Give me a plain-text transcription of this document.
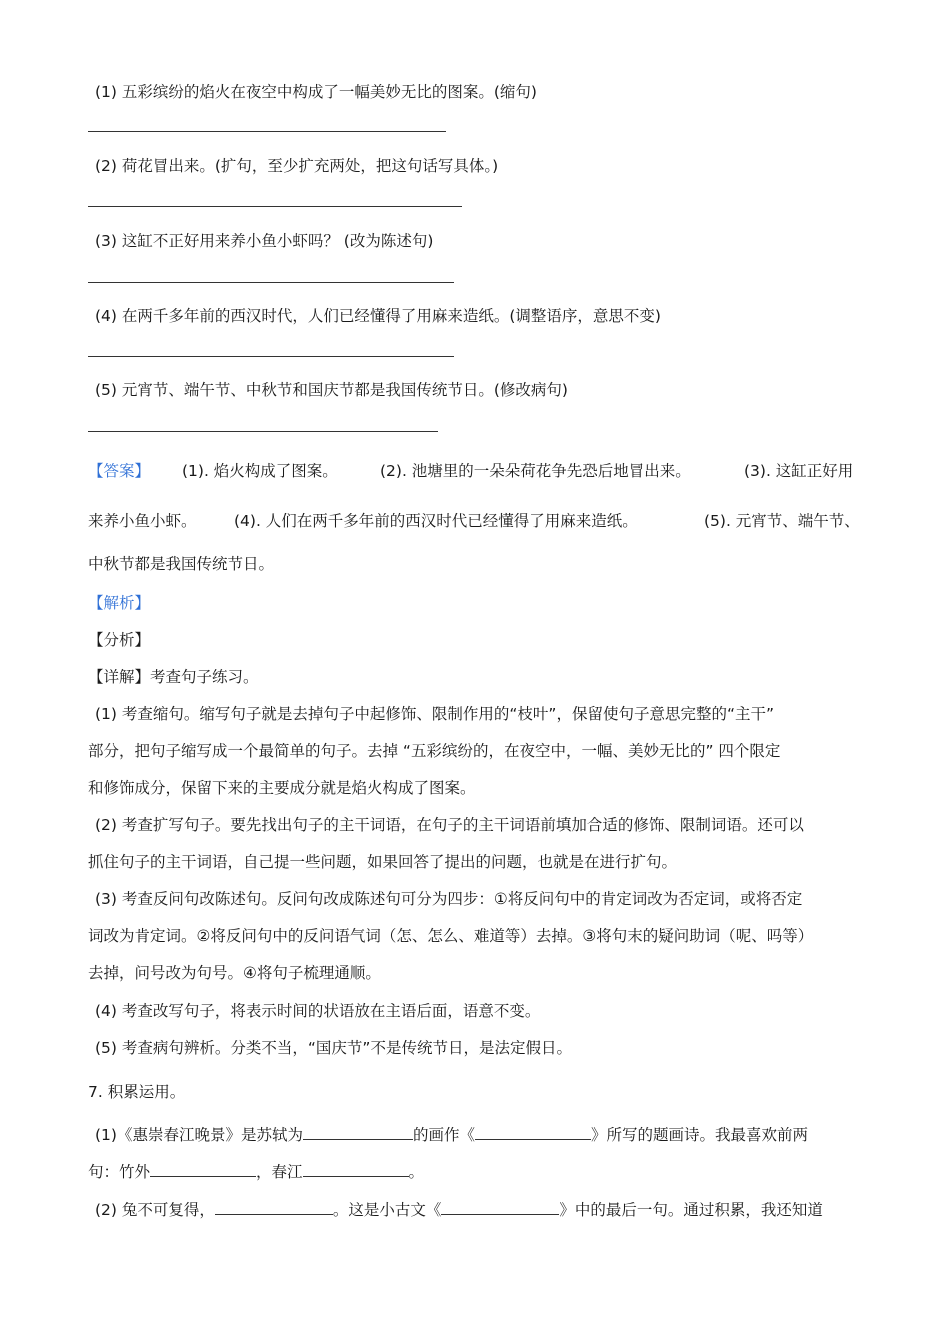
(1) 五彩缤纷的焰火在夜空中构成了一幅美妙无比的图案。(缩句)
(2) 荷花冒出来。(扩句，至少扩充两处，把这句话写具体。)
(3) 这缸不正好用来养小鱼小虾吗？ (改为陈述句)
(4) 在两千多年前的西汉时代，人们已经懂得了用麻来造纸。(调整语序，意思不变)
(5) 元宵节、端午节、中秋节和国庆节都是我国传统节日。(修改病句)
【答案】 (1). 焰火构成了图案。	(2). 池塘里的一朵朵荷花争先恐后地冒出来。	(3). 这缸正好用
来养小鱼小虾。 (4). 人们在两千多年前的西汉时代已经懂得了用麻来造纸。	(5). 元宵节、端午节、
中秋节都是我国传统节日。
【解析】
【分析】
【详解】考查句子练习。
(1) 考查缩句。缩写句子就是去掉句子中起修饰、限制作用的“枝叶”，保留使句子意思完整的“主干”
部分，把句子缩写成一个最简单的句子。去掉 “五彩缤纷的，在夜空中，一幅、美妙无比的” 四个限定
和修饰成分，保留下来的主要成分就是焰火构成了图案。
(2) 考查扩写句子。要先找出句子的主干词语，在句子的主干词语前填加合适的修饰、限制词语。还可以
抓住句子的主干词语，自己提一些问题，如果回答了提出的问题，也就是在进行扩句。
(3) 考查反问句改陈述句。反问句改成陈述句可分为四步：①将反问句中的肯定词改为否定词，或将否定
词改为肯定词。②将反问句中的反问语气词（怎、怎么、难道等）去掉。③将句末的疑问助词（呢、吗等）
去掉，问号改为句号。④将句子梳理通顺。
(4) 考查改写句子，将表示时间的状语放在主语后面，语意不变。
(5) 考查病句辨析。分类不当，“国庆节”不是传统节日，是法定假日。
7. 积累运用。
(1)《惠崇春江晚景》是苏轼为	的画作《	》所写的题画诗。我最喜欢前两
句：竹外	，春江	。
(2) 兔不可复得，	。这是小古文《	》中的最后一句。通过积累，我还知道
